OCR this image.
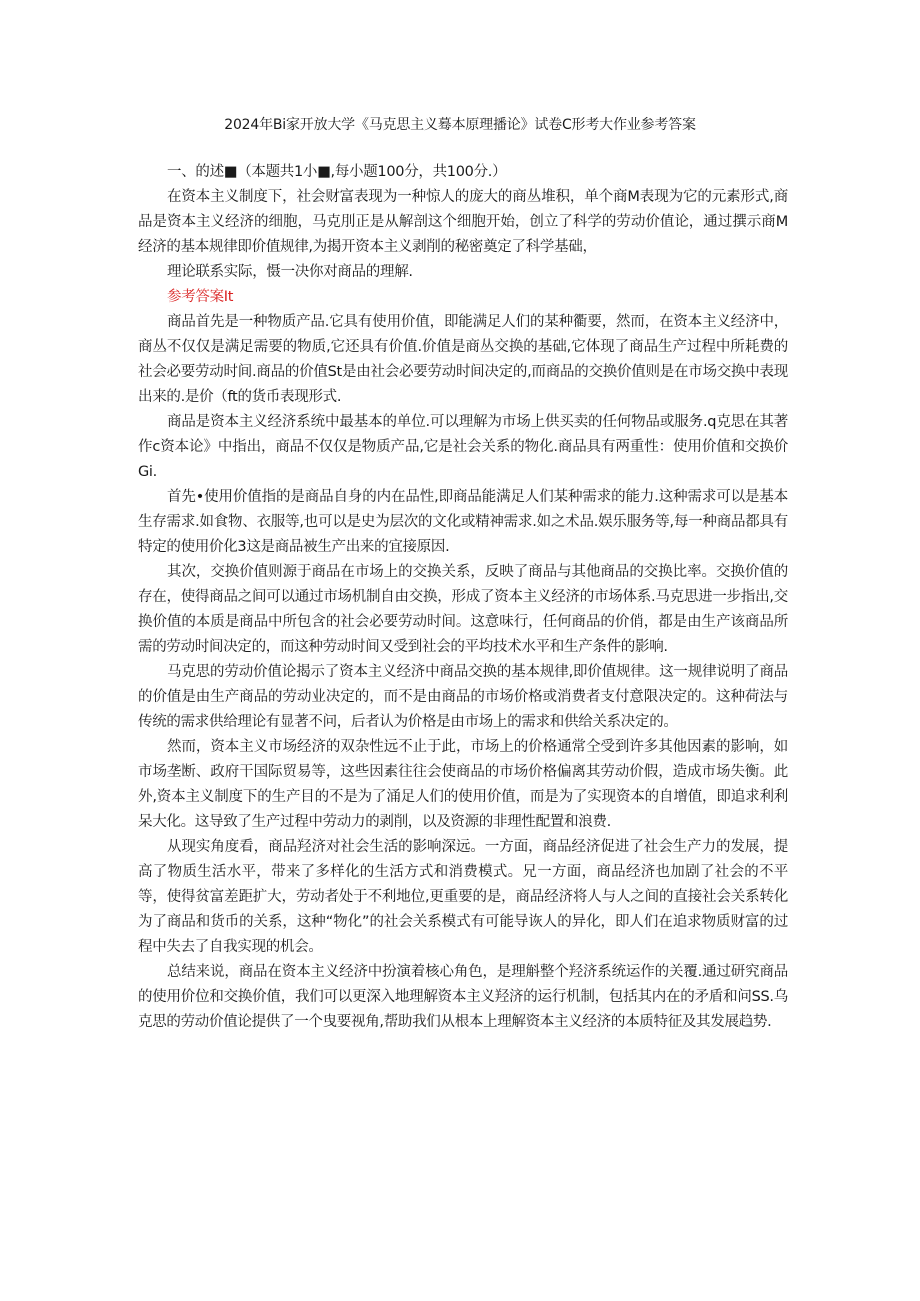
2024年Bi家开放大学《马克思主义蓦本原理播论》试卷C形考大作业参考答案

一、的述■（本题共1小■,每小题100分，共100分.）

在资本主义制度下，社会财富表现为一种惊人的庞大的商丛堆积，单个商M表现为它的元素形式,商品是资本主义经济的细胞，马克刖正是从解剖这个细胞开始，创立了科学的劳动价值论，通过撰示商M经济的基本规律即价值规律,为揭开资本主义剥削的秘密奠定了科学基础，

理论联系实际，慑一决你对商品的理解.

参考答案It

商品首先是一种物质产品.它具有使用价值，即能满足人们的某种衢要，然而，在资本主义经济中，商丛不仅仅是满足需要的物质,它还具有价值.价值是商丛交换的基础,它体现了商品生产过程中所耗费的社会必要劳动时间.商品的价值St是由社会必要劳动时间决定的,而商品的交换价值则是在市场交换中表现出来的.是价（ft的货币表现形式.

商品是资本主义经济系统中最基本的单位.可以理解为市场上供买卖的任何物品或服务.q克思在其著作c资本论》中指出，商品不仅仅是物质产品,它是社会关系的物化.商品具有两重性：使用价值和交换价Gi.

首先•使用价值指的是商品自身的内在品性,即商品能满足人们某种需求的能力.这种需求可以是基本生存需求.如食物、衣服等,也可以是史为层次的文化或精神需求.如之术品.娱乐服务等,每一种商品都具有特定的使用价化3这是商品被生产出来的宜接原因.

其次，交换价值则源于商品在市场上的交换关系，反映了商品与其他商品的交换比率。交换价值的存在，使得商品之间可以通过市场机制自由交换，形成了资本主义经济的市场体系.马克思进一步指出,交换价值的本质是商品中所包含的社会必要劳动时间。这意味行，任何商品的价俏，都是由生产该商品所需的劳动时间决定的，而这种劳动时间又受到社会的平均技术水平和生产条件的影响.

马克思的劳动价值论揭示了资本主义经济中商品交换的基本规律,即价值规律。这一规律说明了商品的价值是由生产商品的劳动业决定的，而不是由商品的市场价格或消费者支付意限决定的。这种荷法与传统的需求供给理论有显著不问，后者认为价格是由市场上的需求和供给关系决定的。

然而，资本主义市场经济的双杂性远不止于此，市场上的价格通常仝受到许多其他因素的影响，如市场垄断、政府干国际贸易等，这些因素往往会使商品的市场价格偏离其劳动价假，造成市场失衡。此外,资本主义制度下的生产目的不是为了涌足人们的使用价值，而是为了实现资本的自增值，即追求利利呆大化。这导致了生产过程中劳动力的剥削，以及资源的非理性配置和浪费.

从现实角度看，商品羟济对社会生活的影响深远。一方面，商品经济促进了社会生产力的发展，提高了物质生活水平，带来了多样化的生活方式和消费模式。兄一方面，商品经济也加剧了社会的不平等，使得贫富差距扩大，劳动者处于不利地位,更重要的是，商品经济将人与人之间的直接社会关系转化为了商品和货币的关系，这种“物化”的社会关系模式有可能导诙人的异化，即人们在追求物质财富的过程中失去了自我实现的机会。

总结来说，商品在资本主义经济中扮演着核心角色，是理斛整个羟济系统运作的关覆.通过研究商品的使用价位和交换价值，我们可以更深入地理解资本主义羟济的运行机制，包括其内在的矛盾和问SS.乌克思的劳动价值论提供了一个曳要视角,帮助我们从根本上理解资本主义经济的本质特征及其发展趋势.
